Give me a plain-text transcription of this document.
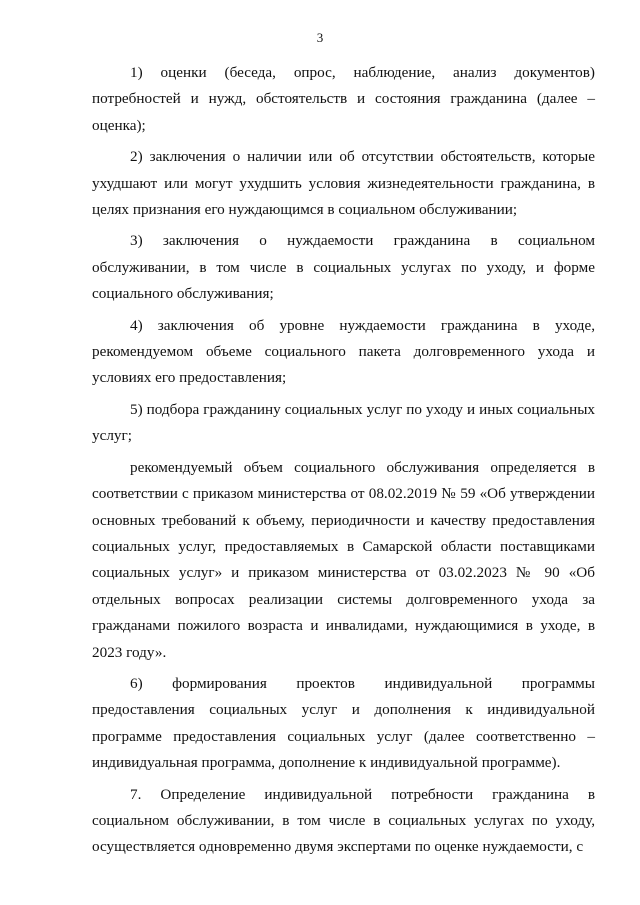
3

1) оценки (беседа, опрос, наблюдение, анализ документов) потребностей и нужд, обстоятельств и состояния гражданина (далее – оценка);

2) заключения о наличии или об отсутствии обстоятельств, которые ухудшают или могут ухудшить условия жизнедеятельности гражданина, в целях признания его нуждающимся в социальном обслуживании;

3) заключения о нуждаемости гражданина в социальном обслуживании, в том числе в социальных услугах по уходу, и форме социального обслуживания;

4) заключения об уровне нуждаемости гражданина в уходе, рекомендуемом объеме социального пакета долговременного ухода и условиях его предоставления;

5) подбора гражданину социальных услуг по уходу и иных социальных услуг;

рекомендуемый объем социального обслуживания определяется в соответствии с приказом министерства от 08.02.2019 № 59 «Об утверждении основных требований к объему, периодичности и качеству предоставления социальных услуг, предоставляемых в Самарской области поставщиками социальных услуг» и приказом министерства от 03.02.2023 № 90 «Об отдельных вопросах реализации системы долговременного ухода за гражданами пожилого возраста и инвалидами, нуждающимися в уходе, в 2023 году».

6) формирования проектов индивидуальной программы предоставления социальных услуг и дополнения к индивидуальной программе предоставления социальных услуг (далее соответственно – индивидуальная программа, дополнение к индивидуальной программе).

7. Определение индивидуальной потребности гражданина в социальном обслуживании, в том числе в социальных услугах по уходу, осуществляется одновременно двумя экспертами по оценке нуждаемости, с
